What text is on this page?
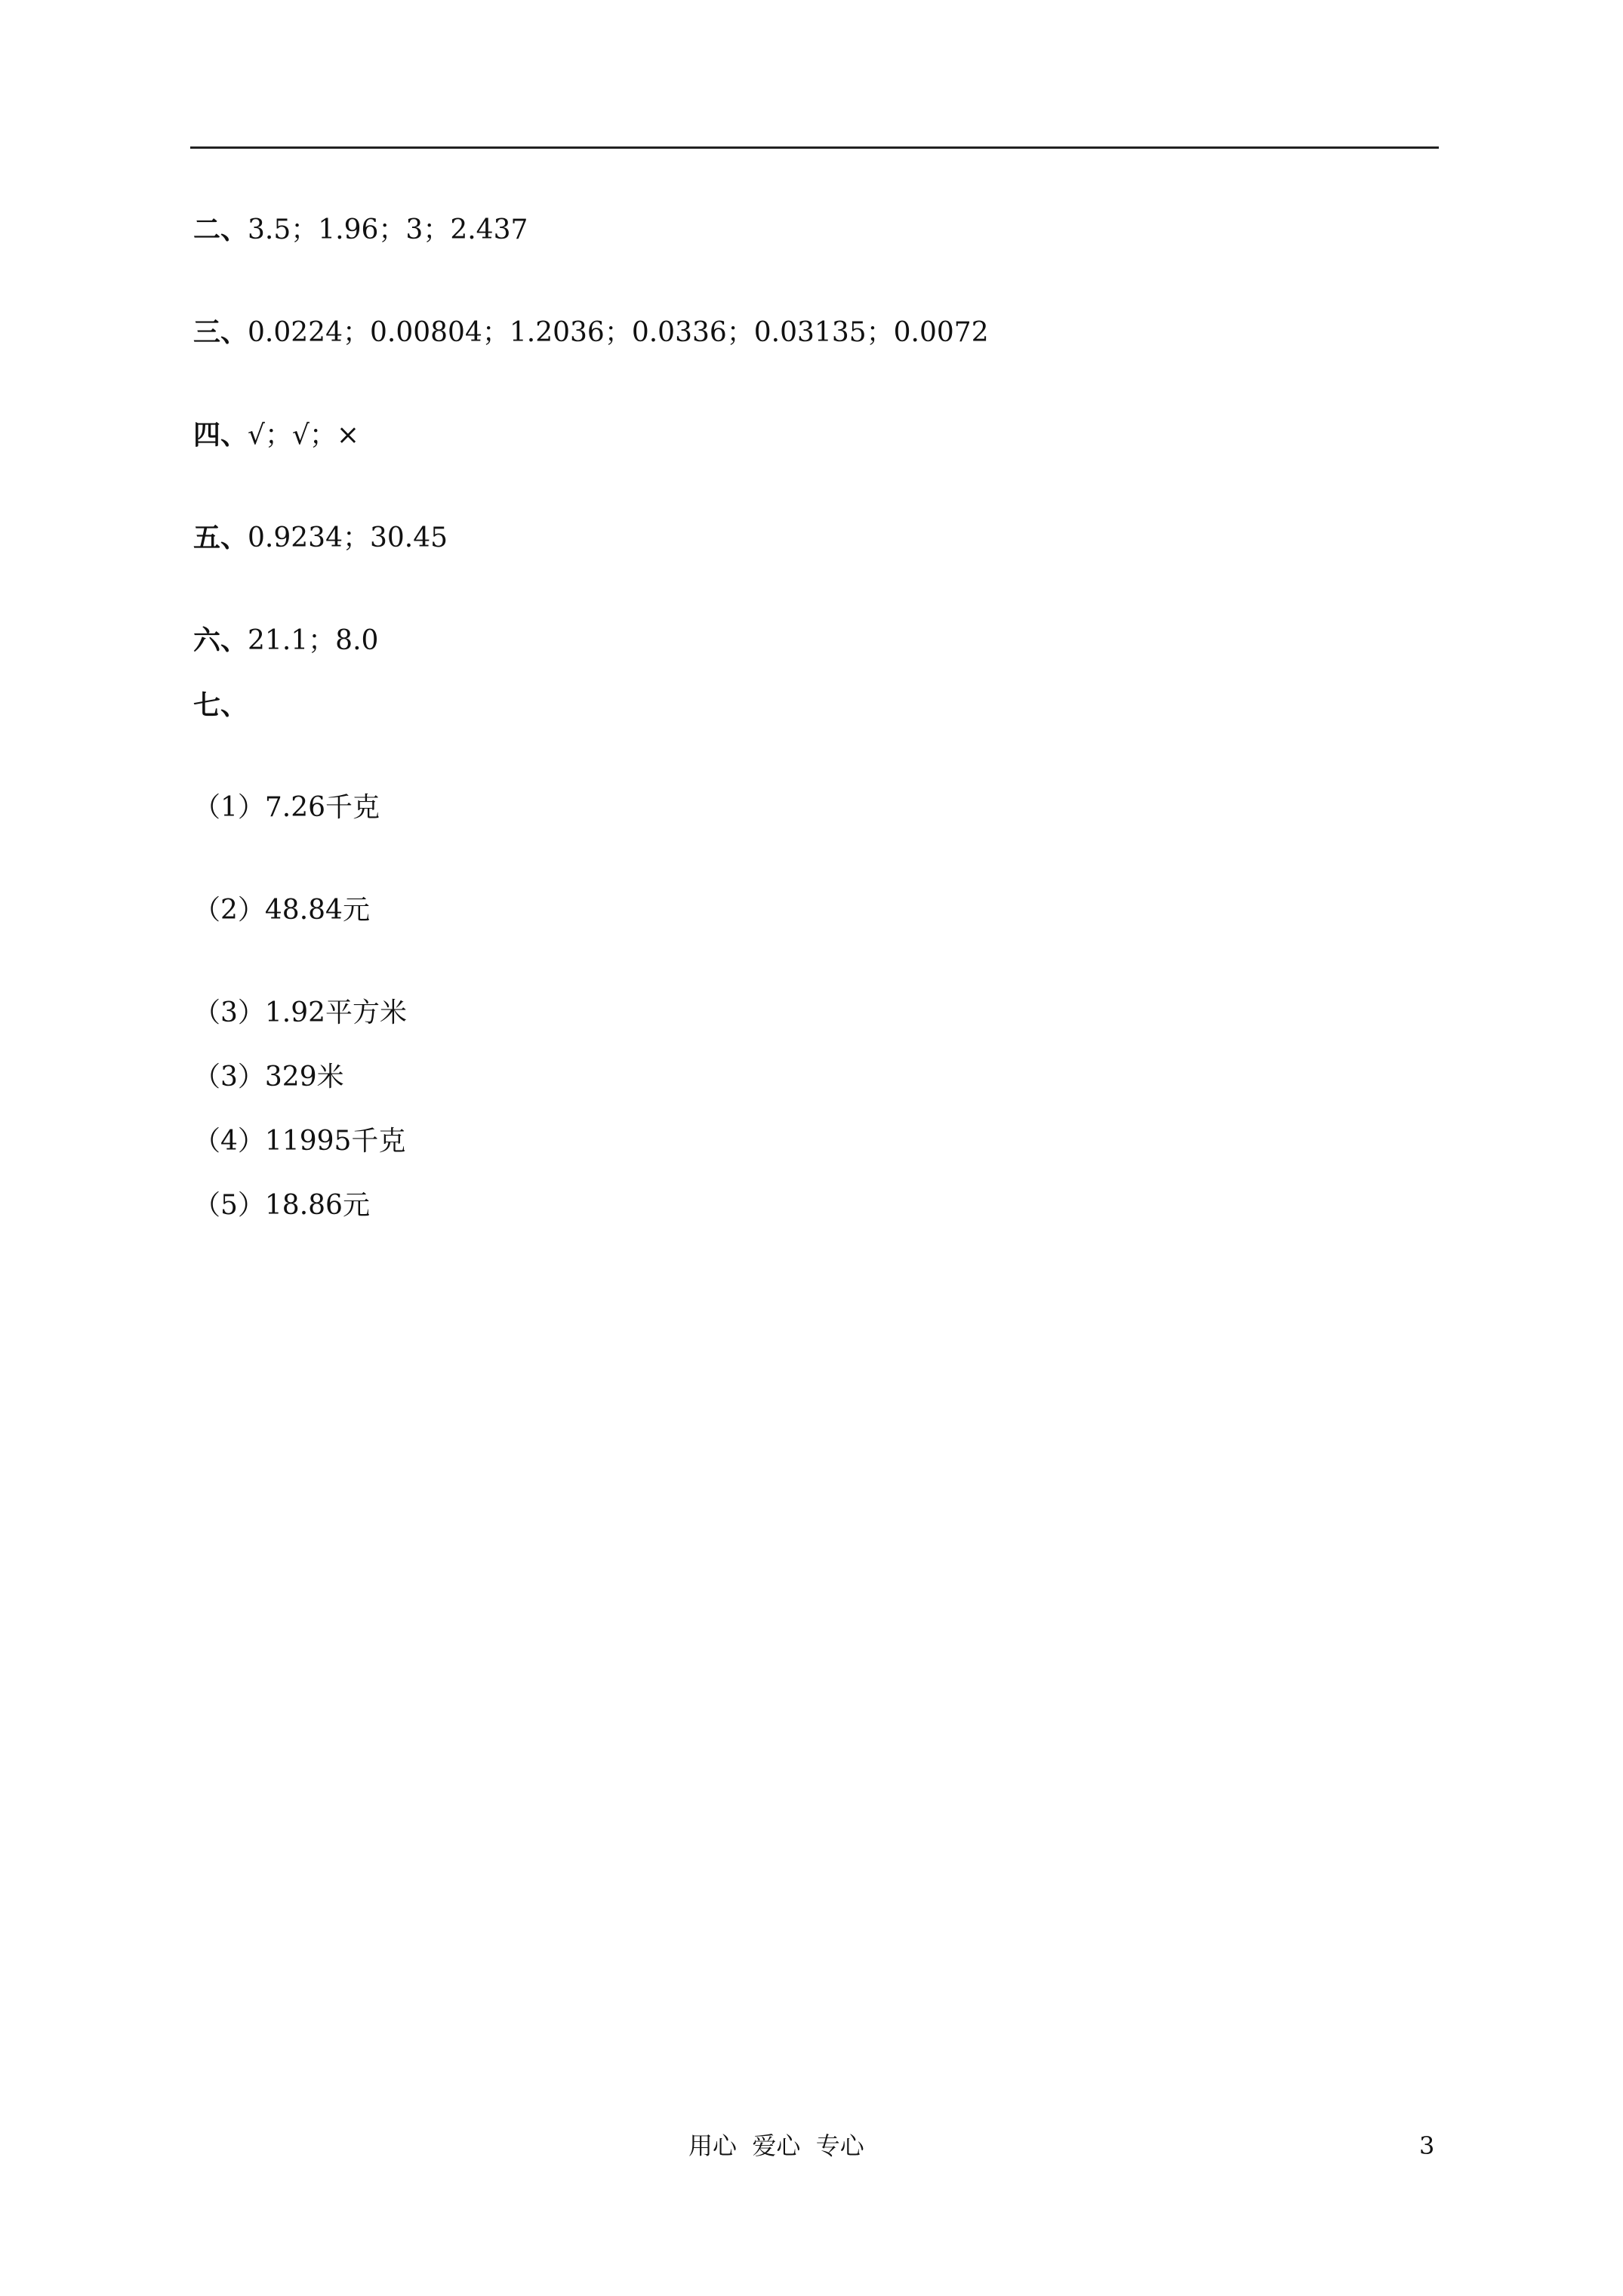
二、3.5；1.96；3；2.437
三、0.0224；0.00804；1.2036；0.0336；0.03135；0.0072
四、√；√；×
五、0.9234；30.45
六、21.1；8.0
七、
（1）7.26千克
（2）48.84元
（3）1.92平方米
（3）329米
（4）11995千克
（5）18.86元
用心  爱心  专心	3
